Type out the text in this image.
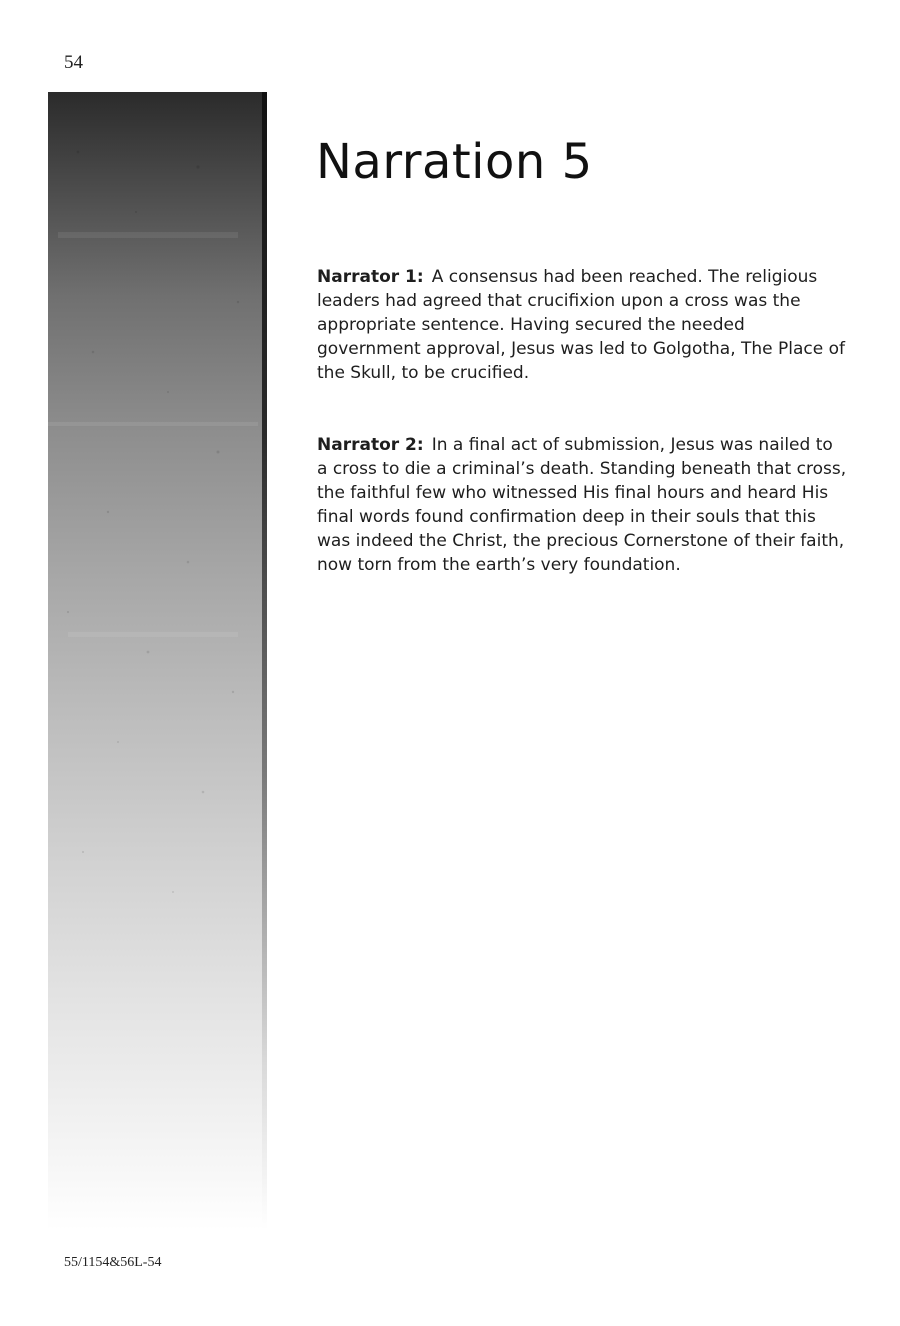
54
Narration 5

Narrator 1: A consensus had been reached. The religious leaders had agreed that crucifixion upon a cross was the appropriate sentence. Having secured the needed government approval, Jesus was led to Golgotha, The Place of the Skull, to be crucified.

Narrator 2: In a final act of submission, Jesus was nailed to a cross to die a criminal’s death. Standing beneath that cross, the faithful few who witnessed His final hours and heard His final words found confirmation deep in their souls that this was indeed the Christ, the precious Cornerstone of their faith, now torn from the earth’s very foundation.

55/1154&56L-54
